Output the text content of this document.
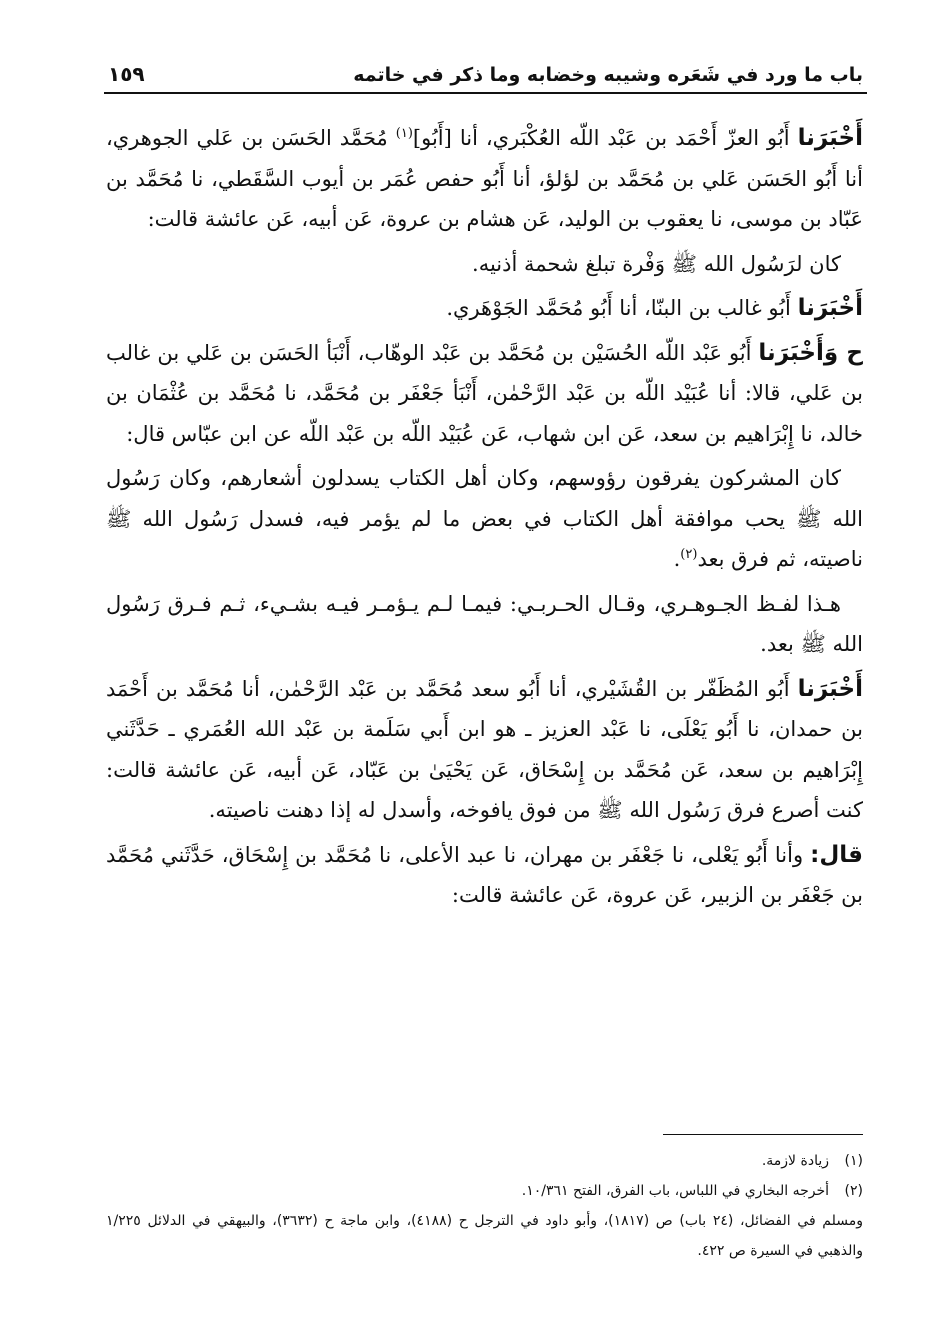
باب ما ورد في شَعَره وشيبه وخضابه وما ذكر في خاتمه
١٥٩

أَخْبَرَنا أَبُو العزّ أَحْمَد بن عَبْد اللّه العُكْبَري، أنا [أَبُو]$^{(١)}$ مُحَمَّد الحَسَن بن عَلي الجوهري، أنا أَبُو الحَسَن عَلي بن مُحَمَّد بن لؤلؤ، أنا أَبُو حفص عُمَر بن أيوب السَّقَطي، نا مُحَمَّد بن عَبّاد بن موسى، نا يعقوب بن الوليد، عَن هشام بن عروة، عَن أبيه، عَن عائشة قالت:

كان لرَسُول الله ﷺ وَفْرة تبلغ شحمة أذنيه.

أَخْبَرَنا أَبُو غالب بن البنّا، أنا أَبُو مُحَمَّد الجَوْهَري.

ح وَأَخْبَرَنا أَبُو عَبْد اللّه الحُسَيْن بن مُحَمَّد بن عَبْد الوهّاب، أَنْبَأ الحَسَن بن عَلي بن غالب بن عَلي، قالا: أنا عُبَيْد اللّه بن عَبْد الرَّحْمٰن، أَنْبَأ جَعْفَر بن مُحَمَّد، نا مُحَمَّد بن عُثْمَان بن خالد، نا إِبْرَاهيم بن سعد، عَن ابن شهاب، عَن عُبَيْد اللّه بن عَبْد اللّه عن ابن عبّاس قال:

كان المشركون يفرقون رؤوسهم، وكان أهل الكتاب يسدلون أشعارهم، وكان رَسُول الله ﷺ يحب موافقة أهل الكتاب في بعض ما لم يؤمر فيه، فسدل رَسُول الله ﷺ ناصيته، ثم فرق بعد$^{(٢)}$.

هـذا لفـظ الجـوهـري، وقـال الحـربـي: فيمـا لـم يـؤمـر فيـه بشـيء، ثـم فـرق رَسُول الله ﷺ بعد.

أَخْبَرَنا أَبُو المُظَفّر بن القُشَيْري، أنا أَبُو سعد مُحَمَّد بن عَبْد الرَّحْمٰن، أنا مُحَمَّد بن أَحْمَد بن حمدان، نا أَبُو يَعْلَى، نا عَبْد العزيز ـ هو ابن أَبي سَلَمة بن عَبْد الله العُمَري ـ حَدَّثَني إِبْرَاهيم بن سعد، عَن مُحَمَّد بن إِسْحَاق، عَن يَحْيَىٰ بن عَبّاد، عَن أبيه، عَن عائشة قالت: كنت أصرع فرق رَسُول الله ﷺ من فوق يافوخه، وأسدل له إذا دهنت ناصيته.

قال: وأنا أَبُو يَعْلى، نا جَعْفَر بن مهران، نا عبد الأعلى، نا مُحَمَّد بن إِسْحَاق، حَدَّثَني مُحَمَّد بن جَعْفَر بن الزبير، عَن عروة، عَن عائشة قالت:

(١)
زيادة لازمة.
(٢)
أخرجه البخاري في اللباس، باب الفرق، الفتح ١٠/٣٦١.
ومسلم في الفضائل، (٢٤ باب) ص (١٨١٧)، وأبو داود في الترجل ح (٤١٨٨)، وابن ماجة ح (٣٦٣٢)، والبيهقي في الدلائل ١/٢٢٥ والذهبي في السيرة ص ٤٢٢.
